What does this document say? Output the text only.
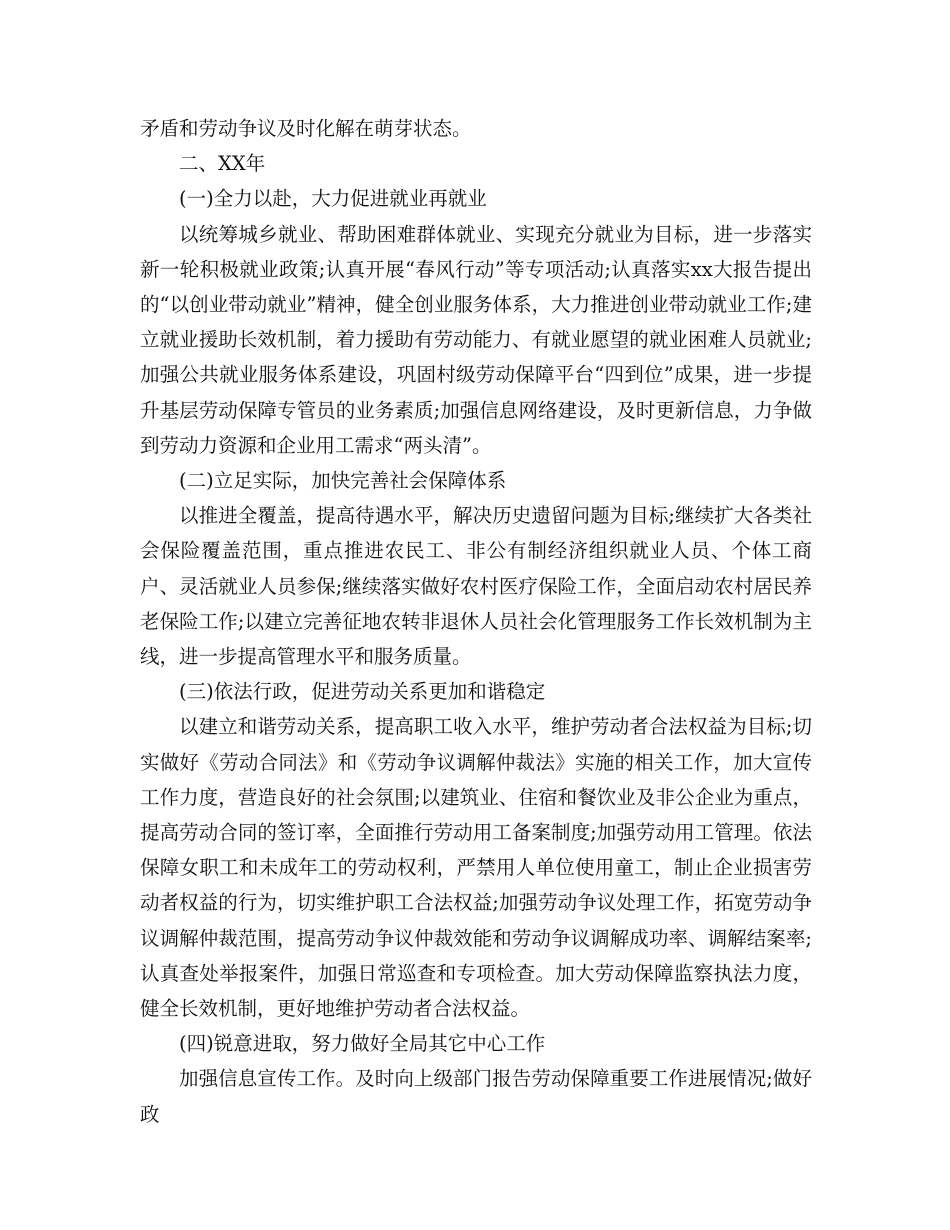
矛盾和劳动争议及时化解在萌芽状态。

二、XX年

(一)全力以赴，大力促进就业再就业

以统筹城乡就业、帮助困难群体就业、实现充分就业为目标，进一步落实新一轮积极就业政策;认真开展“春风行动”等专项活动;认真落实xx大报告提出的“以创业带动就业”精神，健全创业服务体系，大力推进创业带动就业工作;建立就业援助长效机制，着力援助有劳动能力、有就业愿望的就业困难人员就业;加强公共就业服务体系建设，巩固村级劳动保障平台“四到位”成果，进一步提升基层劳动保障专管员的业务素质;加强信息网络建设，及时更新信息，力争做到劳动力资源和企业用工需求“两头清”。

(二)立足实际，加快完善社会保障体系

以推进全覆盖，提高待遇水平，解决历史遗留问题为目标;继续扩大各类社会保险覆盖范围，重点推进农民工、非公有制经济组织就业人员、个体工商户、灵活就业人员参保;继续落实做好农村医疗保险工作，全面启动农村居民养老保险工作;以建立完善征地农转非退休人员社会化管理服务工作长效机制为主线，进一步提高管理水平和服务质量。

(三)依法行政，促进劳动关系更加和谐稳定

以建立和谐劳动关系，提高职工收入水平，维护劳动者合法权益为目标;切实做好《劳动合同法》和《劳动争议调解仲裁法》实施的相关工作，加大宣传工作力度，营造良好的社会氛围;以建筑业、住宿和餐饮业及非公企业为重点，提高劳动合同的签订率，全面推行劳动用工备案制度;加强劳动用工管理。依法保障女职工和未成年工的劳动权利，严禁用人单位使用童工，制止企业损害劳动者权益的行为，切实维护职工合法权益;加强劳动争议处理工作，拓宽劳动争议调解仲裁范围，提高劳动争议仲裁效能和劳动争议调解成功率、调解结案率;认真查处举报案件，加强日常巡查和专项检查。加大劳动保障监察执法力度，健全长效机制，更好地维护劳动者合法权益。

(四)锐意进取，努力做好全局其它中心工作

加强信息宣传工作。及时向上级部门报告劳动保障重要工作进展情况;做好政
